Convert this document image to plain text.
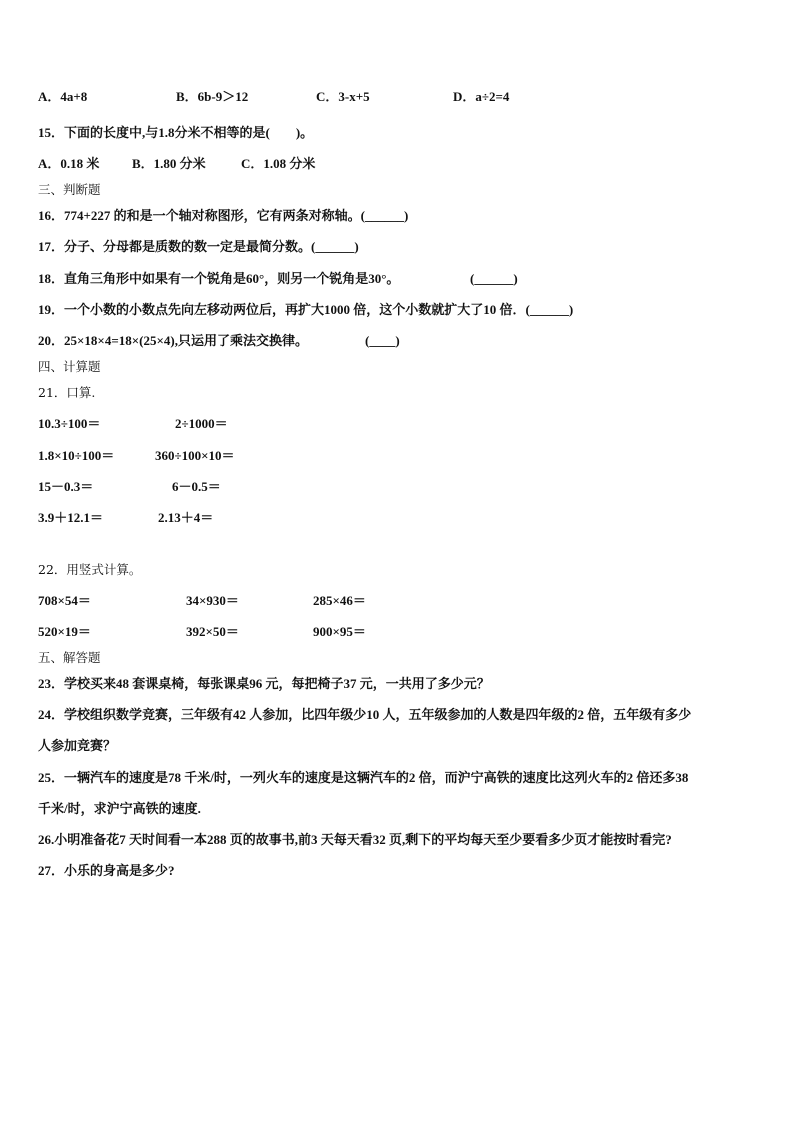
A．4a+8	B．6b-9＞12	C．3-x+5	D．a÷2=4
15．下面的长度中,与1.8分米不相等的是(　　)。
A．0.18 米	B．1.80 分米	C．1.08 分米
三、判断题
16．774+227 的和是一个轴对称图形，它有两条对称轴。(______)
17．分子、分母都是质数的数一定是最简分数。(______)
18．直角三角形中如果有一个锐角是60°，则另一个锐角是30°。	(______)
19．一个小数的小数点先向左移动两位后，再扩大1000 倍，这个小数就扩大了10 倍．(______)
20．25×18×4=18×(25×4),只运用了乘法交换律。	(____)
四、计算题
21．口算.
10.3÷100＝	2÷1000＝
1.8×10÷100＝	360÷100×10＝
15－0.3＝	6－0.5＝
3.9＋12.1＝	2.13＋4＝
22．用竖式计算。
708×54＝	34×930＝	285×46＝
520×19＝	392×50＝	900×95＝
五、解答题
23．学校买来48 套课桌椅，每张课桌96 元，每把椅子37 元，一共用了多少元？
24．学校组织数学竞赛，三年级有42 人参加，比四年级少10 人，五年级参加的人数是四年级的2 倍，五年级有多少
人参加竞赛？
25．一辆汽车的速度是78 千米/时，一列火车的速度是这辆汽车的2 倍，而沪宁高铁的速度比这列火车的2 倍还多38
千米/时，求沪宁高铁的速度.
26.小明准备花7 天时间看一本288 页的故事书,前3 天每天看32 页,剩下的平均每天至少要看多少页才能按时看完?
27．小乐的身高是多少?
